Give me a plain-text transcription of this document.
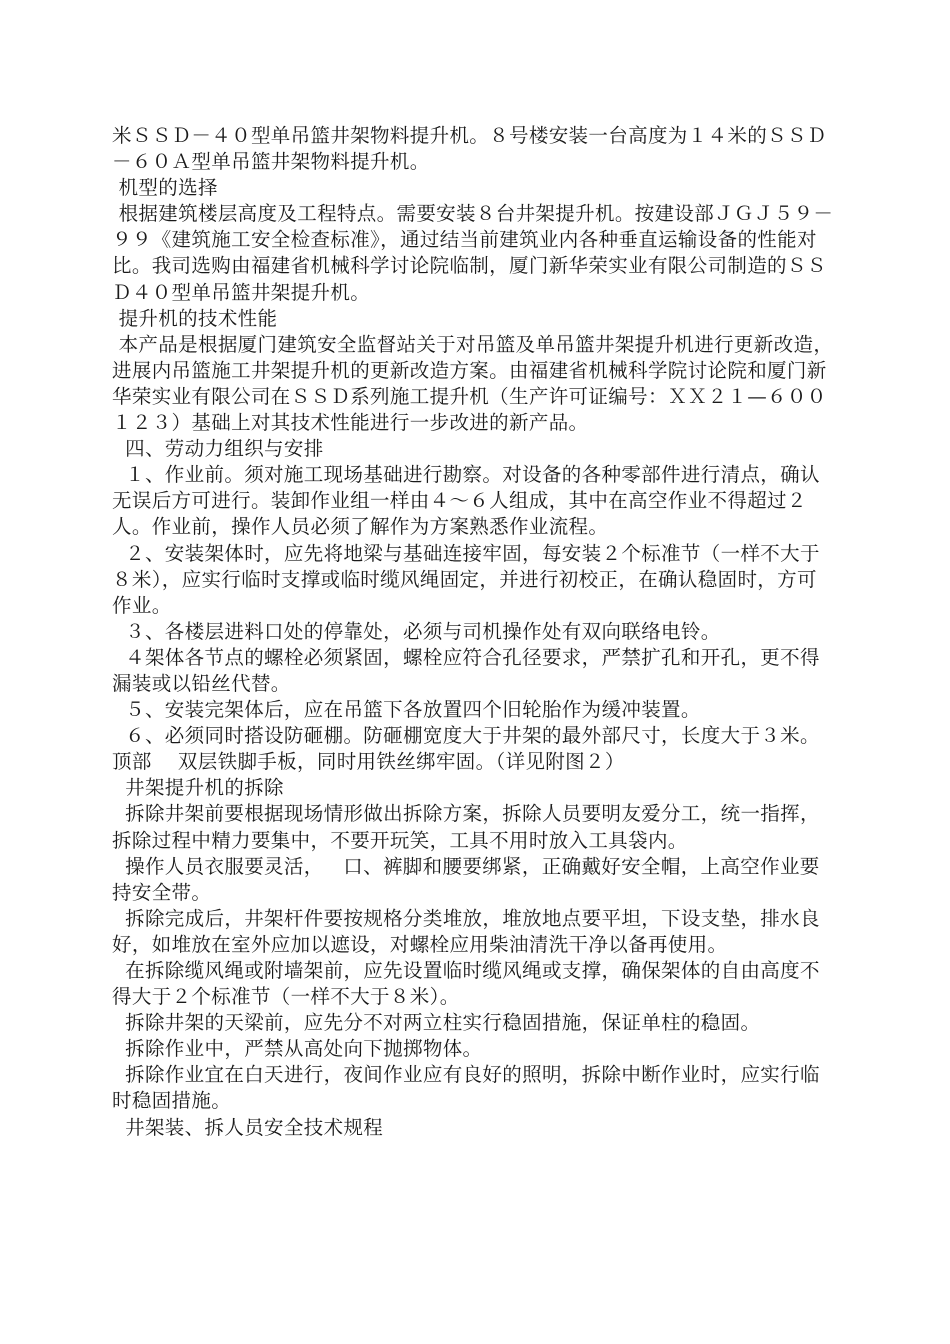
米ＳＳＤ－４０型单吊篮井架物料提升机。８号楼安装一台高度为１４米的ＳＳＤ－６０Ａ型单吊篮井架物料提升机。

机型的选择

根据建筑楼层高度及工程特点。需要安装８台井架提升机。按建设部ＪＧＪ５９－９９《建筑施工安全检查标准》，通过结当前建筑业内各种垂直运输设备的性能对比。我司选购由福建省机械科学讨论院临制，厦门新华荣实业有限公司制造的ＳＳＤ４０型单吊篮井架提升机。

提升机的技术性能

本产品是根据厦门建筑安全监督站关于对吊篮及单吊篮井架提升机进行更新改造，进展内吊篮施工井架提升机的更新改造方案。由福建省机械科学院讨论院和厦门新华荣实业有限公司在ＳＳＤ系列施工提升机（生产许可证编号：ＸＸ２１—６００１２３）基础上对其技术性能进行一步改进的新产品。

四、劳动力组织与安排

１、作业前。须对施工现场基础进行勘察。对设备的各种零部件进行清点，确认无误后方可进行。装卸作业组一样由４～６人组成，其中在高空作业不得超过２人。作业前，操作人员必须了解作为方案熟悉作业流程。

２、安装架体时，应先将地梁与基础连接牢固，每安装２个标准节（一样不大于８米），应实行临时支撑或临时缆风绳固定，并进行初校正，在确认稳固时，方可作业。

３、各楼层进料口处的停靠处，必须与司机操作处有双向联络电铃。

４架体各节点的螺栓必须紧固，螺栓应符合孔径要求，严禁扩孔和开孔，更不得漏装或以铅丝代替。

５、安装完架体后，应在吊篮下各放置四个旧轮胎作为缓冲装置。

６、必须同时搭设防砸棚。防砸棚宽度大于井架的最外部尺寸，长度大于３米。顶部    双层铁脚手板，同时用铁丝绑牢固。（详见附图２）

井架提升机的拆除

拆除井架前要根据现场情形做出拆除方案，拆除人员要明友爱分工，统一指挥，拆除过程中精力要集中，不要开玩笑，工具不用时放入工具袋内。

操作人员衣服要灵活，   口、裤脚和腰要绑紧，正确戴好安全帽，上高空作业要持安全带。

拆除完成后，井架杆件要按规格分类堆放，堆放地点要平坦，下设支垫，排水良好，如堆放在室外应加以遮设，对螺栓应用柴油清洗干净以备再使用。

在拆除缆风绳或附墙架前，应先设置临时缆风绳或支撑，确保架体的自由高度不得大于２个标准节（一样不大于８米）。

拆除井架的天梁前，应先分不对两立柱实行稳固措施，保证单柱的稳固。

拆除作业中，严禁从高处向下抛掷物体。

拆除作业宜在白天进行，夜间作业应有良好的照明，拆除中断作业时，应实行临时稳固措施。

井架装、拆人员安全技术规程
